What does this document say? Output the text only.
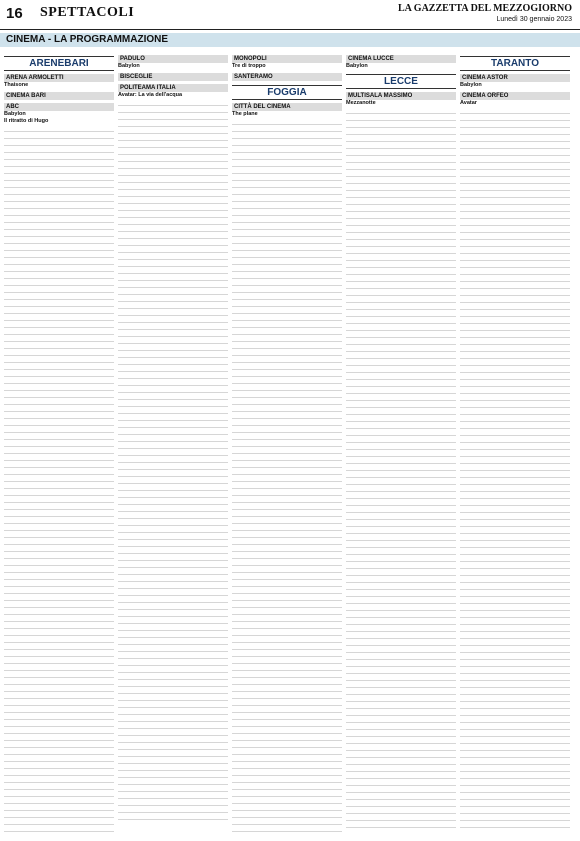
16 SPETTACOLI	LA GAZZETTA DEL MEZZOGIORNO
Lunedì 30 gennaio 2023
CINEMA - LA PROGRAMMAZIONE
ARENEBARI
ARENA ARMOLETTI
Thaisone
CINEMA BARI
ABC
Babylon
Il ritratto di Hugo
PADULO
Babylon
BISCEGLIE
POLITEAMA ITALIA
Avatar: La via dell'acqua
MONOPOLI
Tre di troppo
SANTERAMO
FOGGIA
CITTÀ DEL CINEMA
The plane
CINEMA LUCCE
Babylon
LECCE
MULTISALA MASSIMO
Mezzanotte
TARANTO
CINEMA ASTOR
Babylon
CINEMA ORFEO
Avatar
